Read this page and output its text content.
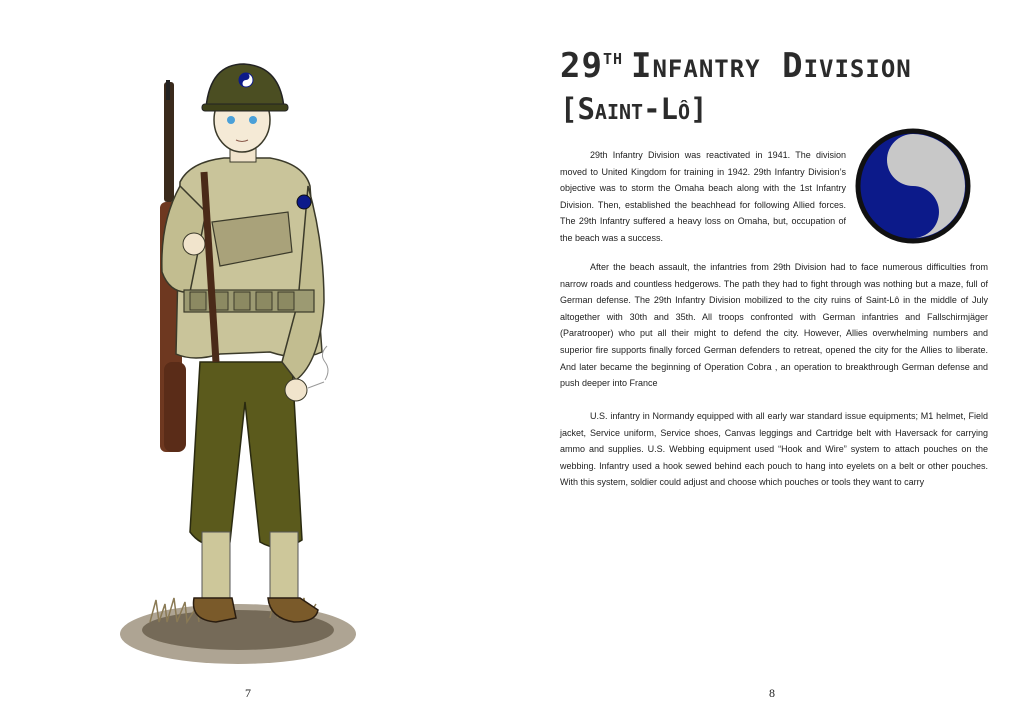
7
29TH Infantry Division
[Saint-Lô]

29th Infantry Division was reactivated in 1941. The division moved to United Kingdom for training in 1942. 29th Infantry Division’s objective was to storm the Omaha beach along with the 1st Infantry Division. Then, established the beachhead for following Allied forces. The 29th Infantry suffered a heavy loss on Omaha, but, occupation of the beach was a success.

After the beach assault, the infantries from 29th Division had to face numerous difficulties from narrow roads and countless hedgerows. The path they had to fight through was nothing but a maze, full of German defense. The 29th Infantry Division mobilized to the city ruins of Saint-Lô in the middle of July altogether with 30th and 35th. All troops confronted with German infantries and Fallschirmjäger (Paratrooper) who put all their might to defend the city. However, Allies overwhelming numbers and superior fire supports finally forced German defenders to retreat, opened the city for the Allies to liberate. And later became the beginning of Operation Cobra , an operation to breakthrough German defense and push deeper into France

U.S. infantry in Normandy equipped with all early war standard issue equipments; M1 helmet, Field jacket, Service uniform, Service shoes, Canvas leggings and Cartridge belt with Haversack for carrying ammo and supplies. U.S. Webbing equipment used “Hook and Wire” system to attach pouches on the webbing. Infantry used a hook sewed behind each pouch to hang into eyelets on a belt or other pouches. With this system, soldier could adjust and choose which pouches or tools they want to carry

8
